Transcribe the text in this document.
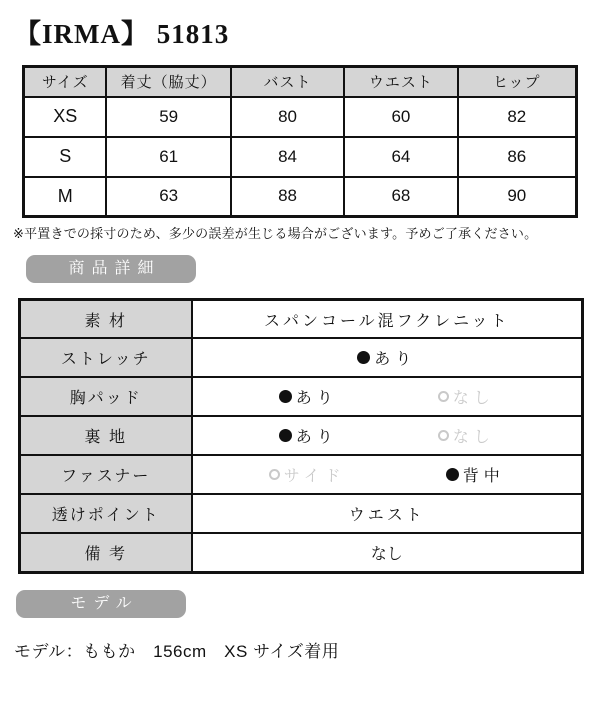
【IRMA】 51813
サイズ	着丈（脇丈）	バスト	ウエスト	ヒップ
XS	59	80	60	82
S	61	84	64	86
M	63	88	68	90

※平置きでの採寸のため、多少の誤差が生じる場合がございます。予めご了承ください。

商品詳細
素 材	スパンコール混フクレニット
ストレッチ	あり

胸パッド	あり なし

裏 地	あり なし

ファスナー	サイド 背中

透けポイント	ウエスト
備 考	なし
モデル

モデル：ももか　156cm　XS サイズ着用
